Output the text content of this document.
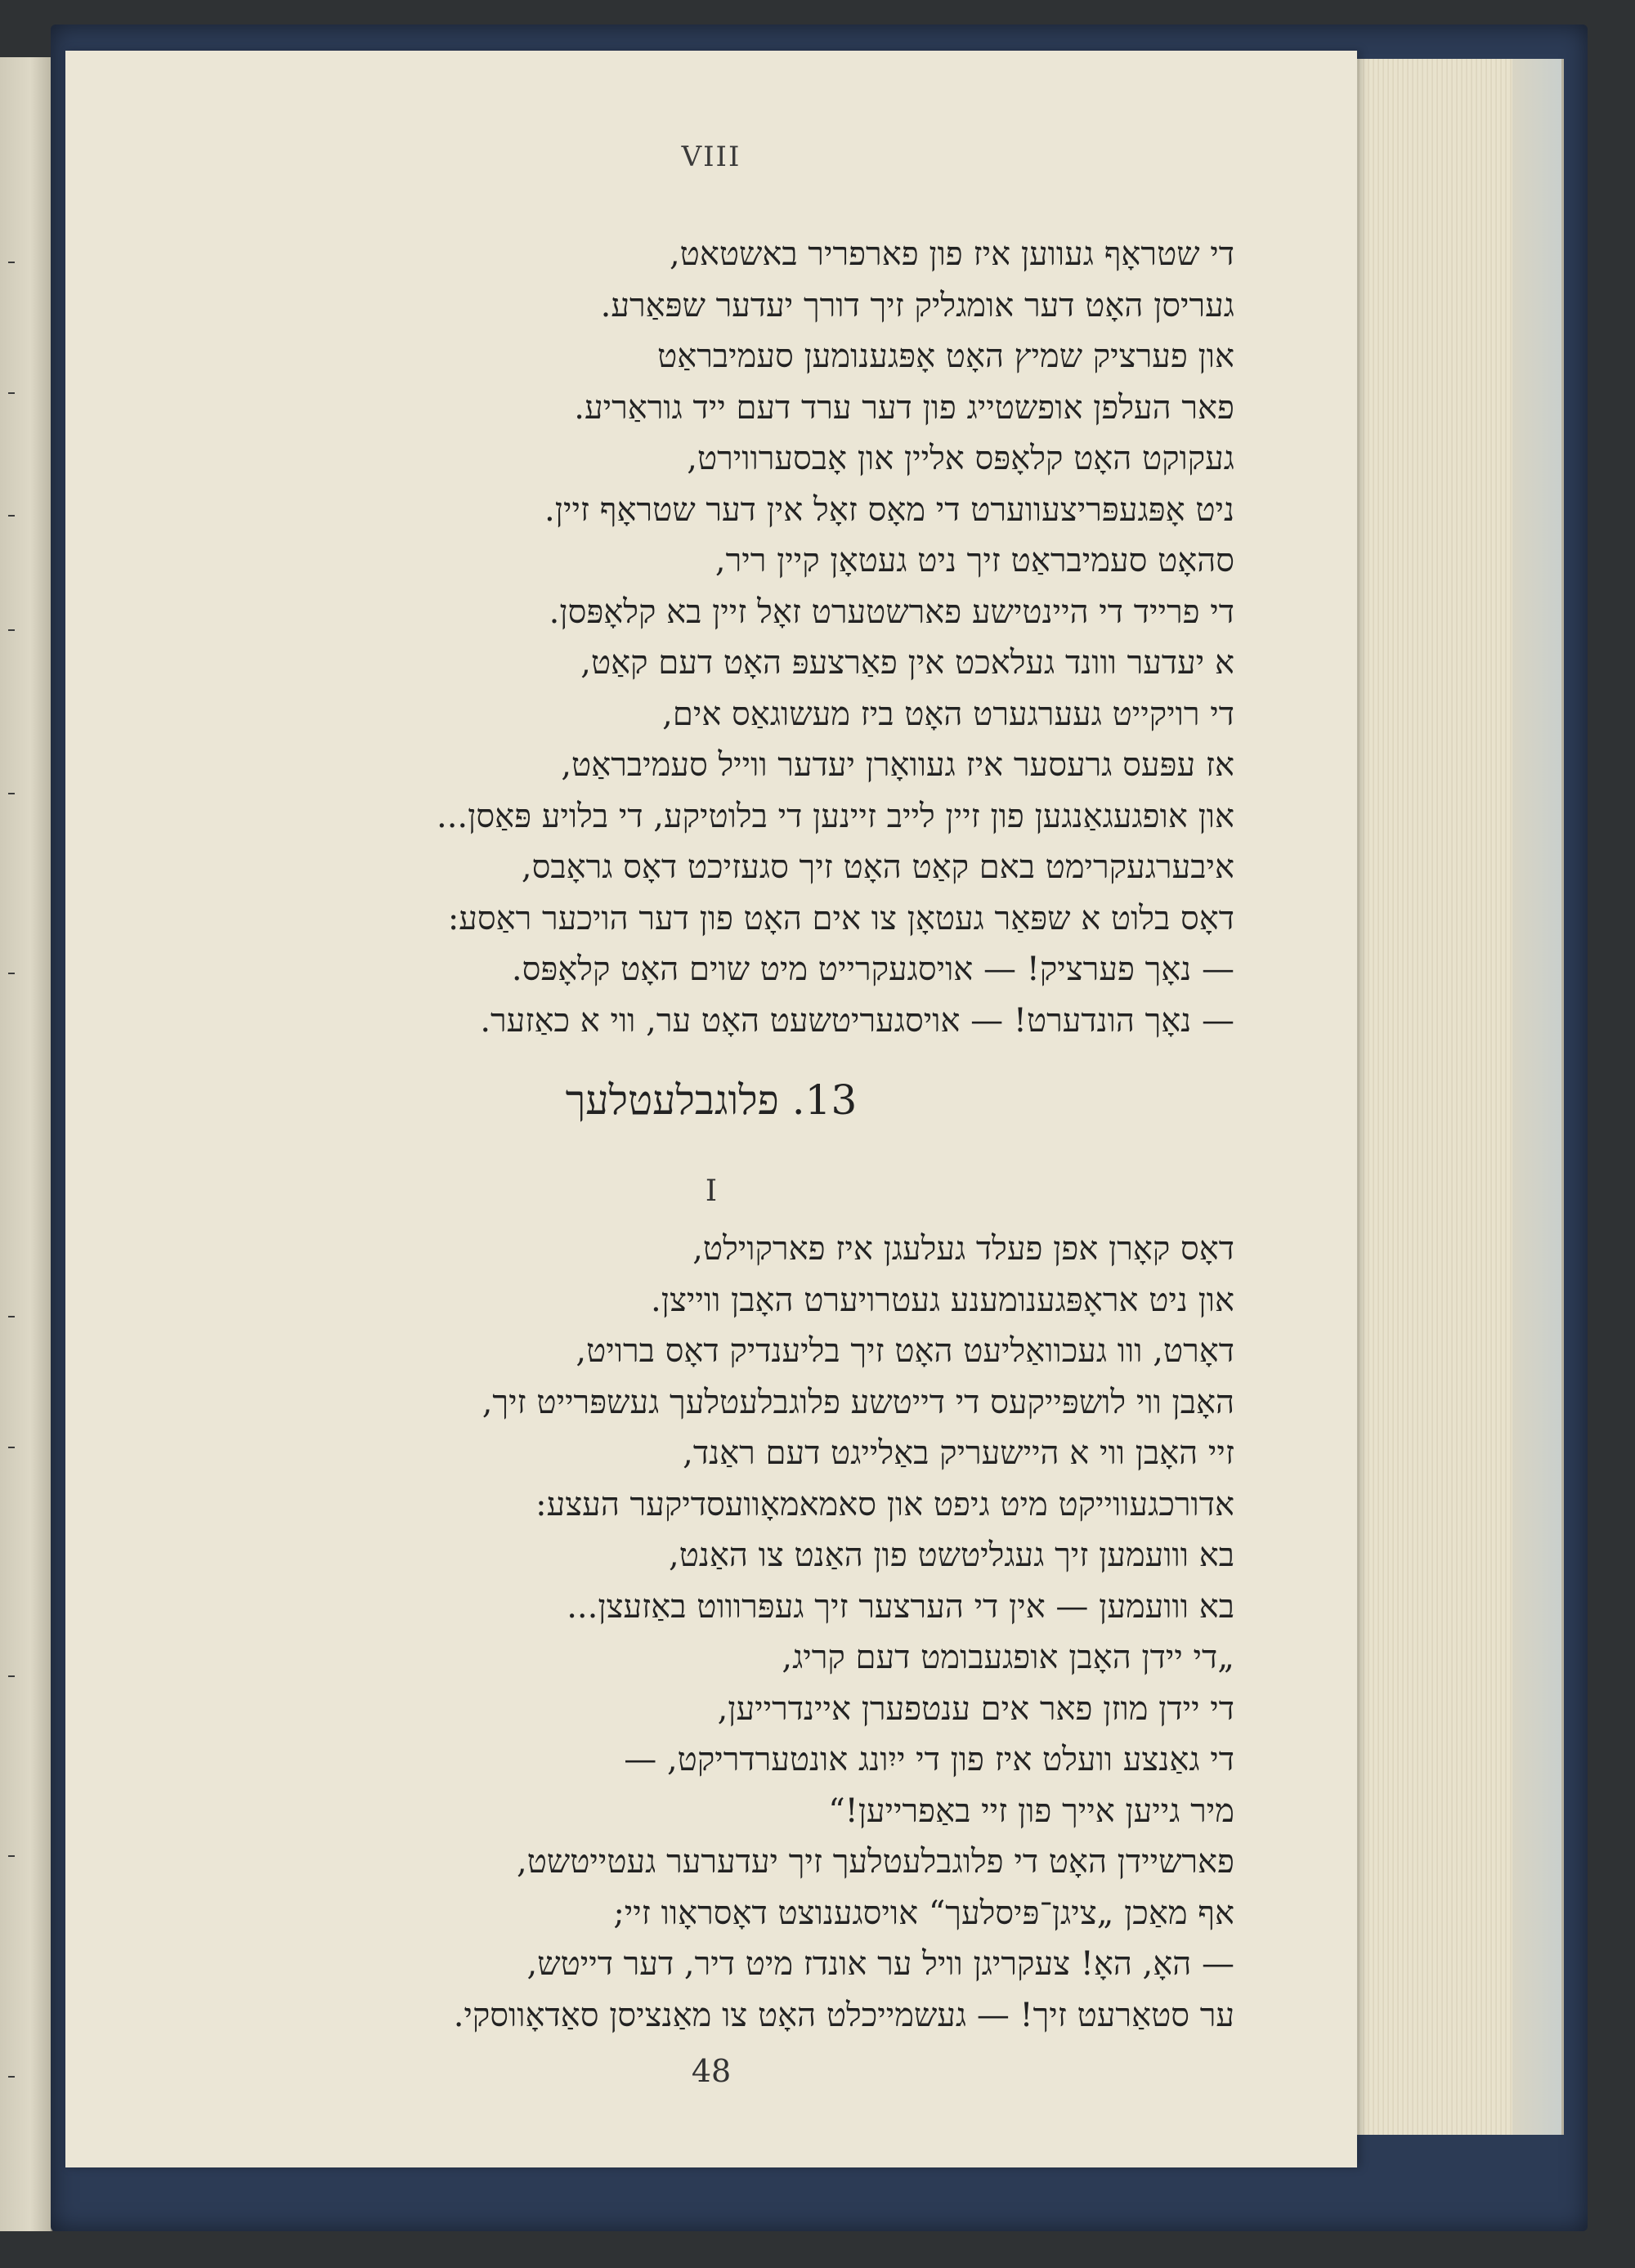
VIII
די שטראָף געווען איז פון פארפריר באשטאט,
געריסן האָט דער אומגליק זיך דורך יעדער שפּאַרע.
און פערציק שמיץ האָט אָפּגענומען סעמיבראַט
פאר העלפן אופשטייג פון דער ערד דעם ייד גוראַריע.
געקוקט האָט קלאָפּס אליין און אָבסערווירט,
ניט אָפּגעפּריצעווערט די מאָס זאָל אין דער שטראָף זיין.
סהאָט סעמיבראַט זיך ניט געטאָן קיין ריר,
די פרייד די היינטישע פארשטערט זאָל זיין בא קלאָפּסן.
א יעדער ווונד געלאכט אין פאַרצעפּ האָט דעם קאַט,
די רויקייט געערגערט האָט ביז מעשוגאַס אים,
אז עפּעס גרעסער איז געוואָרן יעדער ווייל סעמיבראַט,
און אופגעגאַנגען פון זיין לייב זיינען די בלוטיקע, די בלויע פּאַסן...
איבערגעקרימט באם קאַט האָט זיך סגעזיכט דאָס גראָבס,
דאָס בלוט א שפּאַר געטאָן צו אים האָט פון דער הויכער ראַסע:
— נאָך פערציק! — אויסגעקרייט מיט שוים האָט קלאָפּס.
— נאָך הונדערט! — אויסגעריטשעט האָט ער, ווי א כאַזער.
13. פלוגבלעטלעך
I
דאָס קאָרן אפן פעלד געלעגן איז פארקוילט,
און ניט אראָפּגענומענע געטרויערט האָבן ווייצן.
דאָרט, ווו געכוואַליעט האָט זיך בליענדיק דאָס ברויט,
האָבן ווי לושפּייקעס די דייטשע פלוגבלעטלעך געשפּרייט זיך,
זיי האָבן ווי א היישעריק באַלייגט דעם ראַנד,
אדורכגעווייקט מיט גיפט און סאמאמאָוועסדיקער העצע:
בא ווועמען זיך געגליטשט פון האַנט צו האַנט,
בא ווועמען — אין די הערצער זיך געפּרוווט באַזעצן...
„די יידן האָבן אופגעבומט דעם קריג,
די יידן מוזן פאר אים ענטפערן איינדרייען,
די גאַנצע וועלט איז פון די ייִונג אונטערדריקט, —
מיר גייען אייך פון זיי באַפרייען!“
פארשיידן האָט די פלוגבלעטלעך זיך יעדערער געטייטשט,
אף מאַכן „ציגן־פּיסלעך“ אויסגענוצט דאָסראָוו זיי;
— האָ, האָ! צעקריגן וויל ער אונדז מיט דיר, דער דייטש,
ער סטאַרעט זיך! — געשמייכלט האָט צו מאַנציסן סאַדאָווסקי.
48
